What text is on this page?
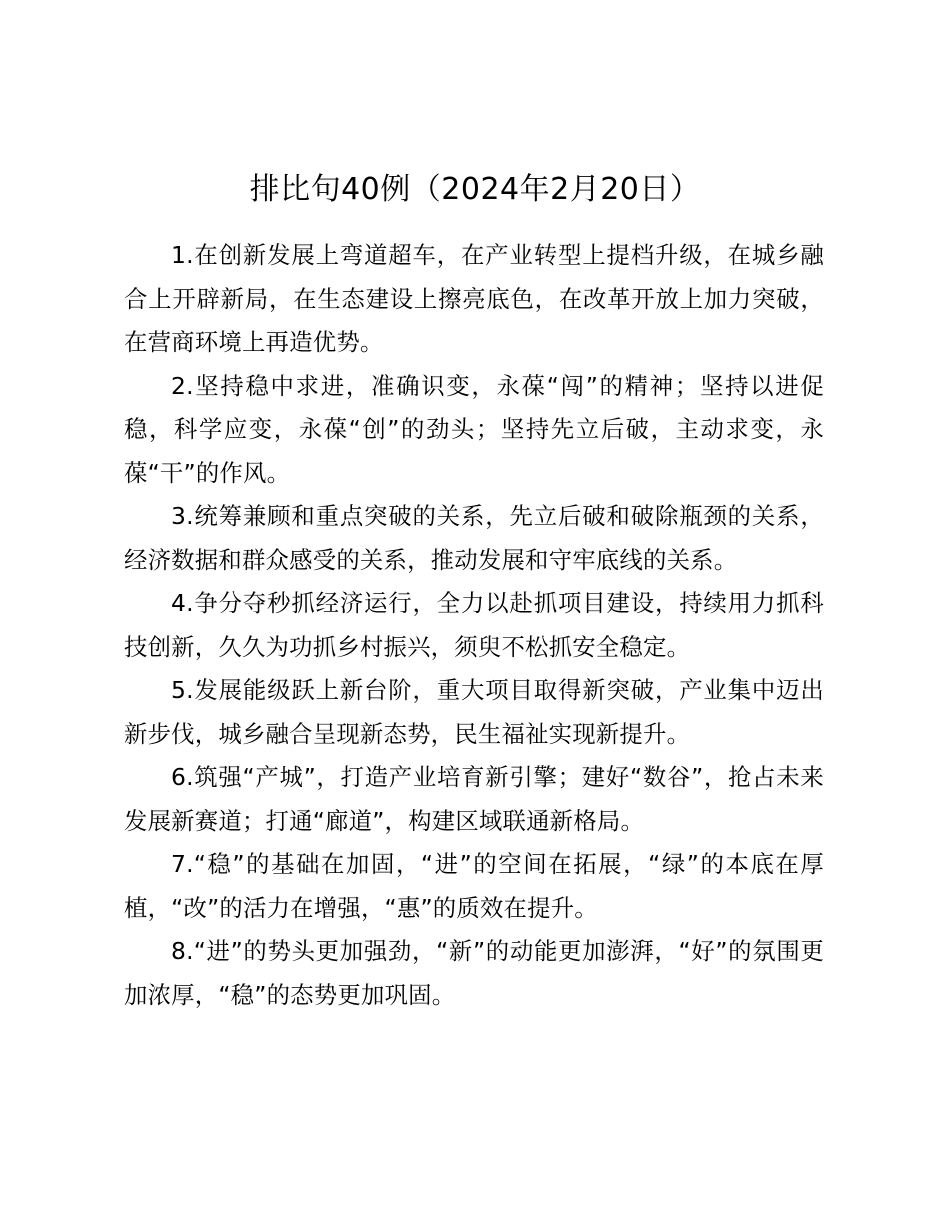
排比句40例（2024年2月20日）

1.在创新发展上弯道超车，在产业转型上提档升级，在城乡融合上开辟新局，在生态建设上擦亮底色，在改革开放上加力突破，在营商环境上再造优势。

2.坚持稳中求进，准确识变，永葆“闯”的精神；坚持以进促稳，科学应变，永葆“创”的劲头；坚持先立后破，主动求变，永葆“干”的作风。

3.统筹兼顾和重点突破的关系，先立后破和破除瓶颈的关系，经济数据和群众感受的关系，推动发展和守牢底线的关系。

4.争分夺秒抓经济运行，全力以赴抓项目建设，持续用力抓科技创新，久久为功抓乡村振兴，须臾不松抓安全稳定。

5.发展能级跃上新台阶，重大项目取得新突破，产业集中迈出新步伐，城乡融合呈现新态势，民生福祉实现新提升。

6.筑强“产城”，打造产业培育新引擎；建好“数谷”，抢占未来发展新赛道；打通“廊道”，构建区域联通新格局。

7.“稳”的基础在加固，“进”的空间在拓展，“绿”的本底在厚植，“改”的活力在增强，“惠”的质效在提升。

8.“进”的势头更加强劲，“新”的动能更加澎湃，“好”的氛围更加浓厚，“稳”的态势更加巩固。
